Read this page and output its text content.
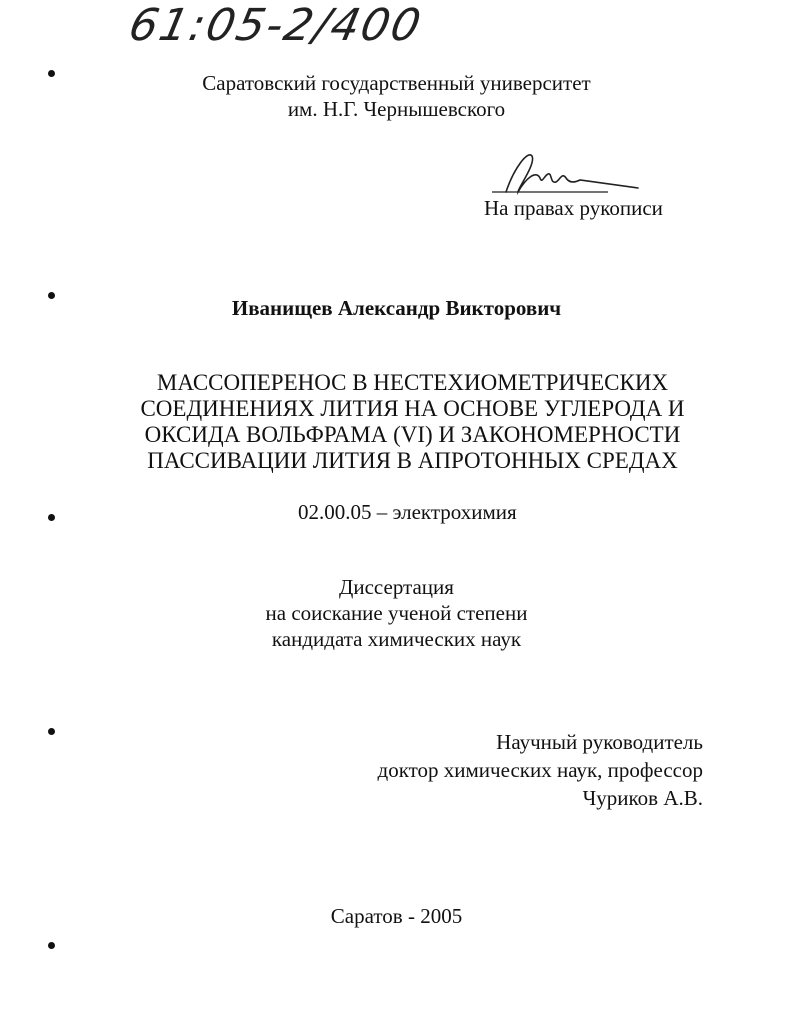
61:05-2/400
Саратовский государственный университет
им. Н.Г. Чернышевского
На правах рукописи
Иванищев Александр Викторович
МАССОПЕРЕНОС В НЕСТЕХИОМЕТРИЧЕСКИХ
СОЕДИНЕНИЯХ ЛИТИЯ НА ОСНОВЕ УГЛЕРОДА И
ОКСИДА ВОЛЬФРАМА (VI) И ЗАКОНОМЕРНОСТИ
ПАССИВАЦИИ ЛИТИЯ В АПРОТОННЫХ СРЕДАХ
02.00.05 – электрохимия
Диссертация
на соискание ученой степени
кандидата химических наук
Научный руководитель
доктор химических наук, профессор
Чуриков А.В.
Саратов - 2005
